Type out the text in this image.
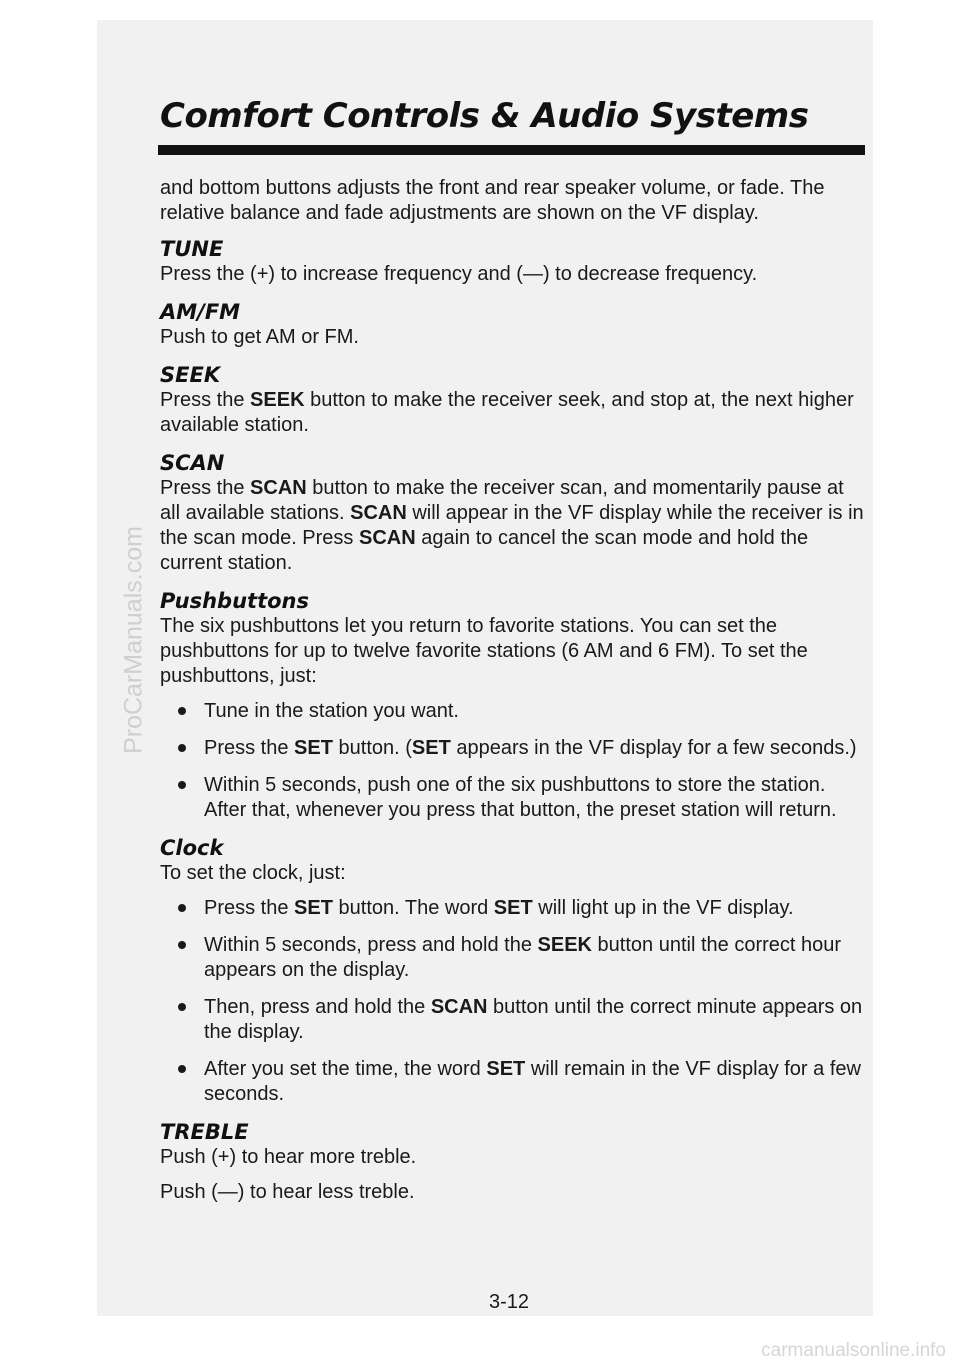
Comfort Controls & Audio Systems

and bottom buttons adjusts the front and rear speaker volume, or fade. The relative balance and fade adjustments are shown on the VF display.

TUNE

Press the (+) to increase frequency and (—) to decrease frequency.

AM/FM

Push to get AM or FM.

SEEK

Press the SEEK button to make the receiver seek, and stop at, the next higher available station.

SCAN

Press the SCAN button to make the receiver scan, and momentarily pause at all available stations. SCAN will appear in the VF display while the receiver is in the scan mode. Press SCAN again to cancel the scan mode and hold the current station.

Pushbuttons

The six pushbuttons let you return to favorite stations. You can set the pushbuttons for up to twelve favorite stations (6 AM and 6 FM). To set the pushbuttons, just:

Tune in the station you want.
Press the SET button. (SET appears in the VF display for a few seconds.)
Within 5 seconds, push one of the six pushbuttons to store the station. After that, whenever you press that button, the preset station will return.
Clock

To set the clock, just:

Press the SET button. The word SET will light up in the VF display.
Within 5 seconds, press and hold the SEEK button until the correct hour appears on the display.
Then, press and hold the SCAN button until the correct minute appears on the display.
After you set the time, the word SET will remain in the VF display for a few seconds.
TREBLE

Push (+) to hear more treble.

Push (—) to hear less treble.

3-12
ProCarManuals.com
carmanualsonline.info
